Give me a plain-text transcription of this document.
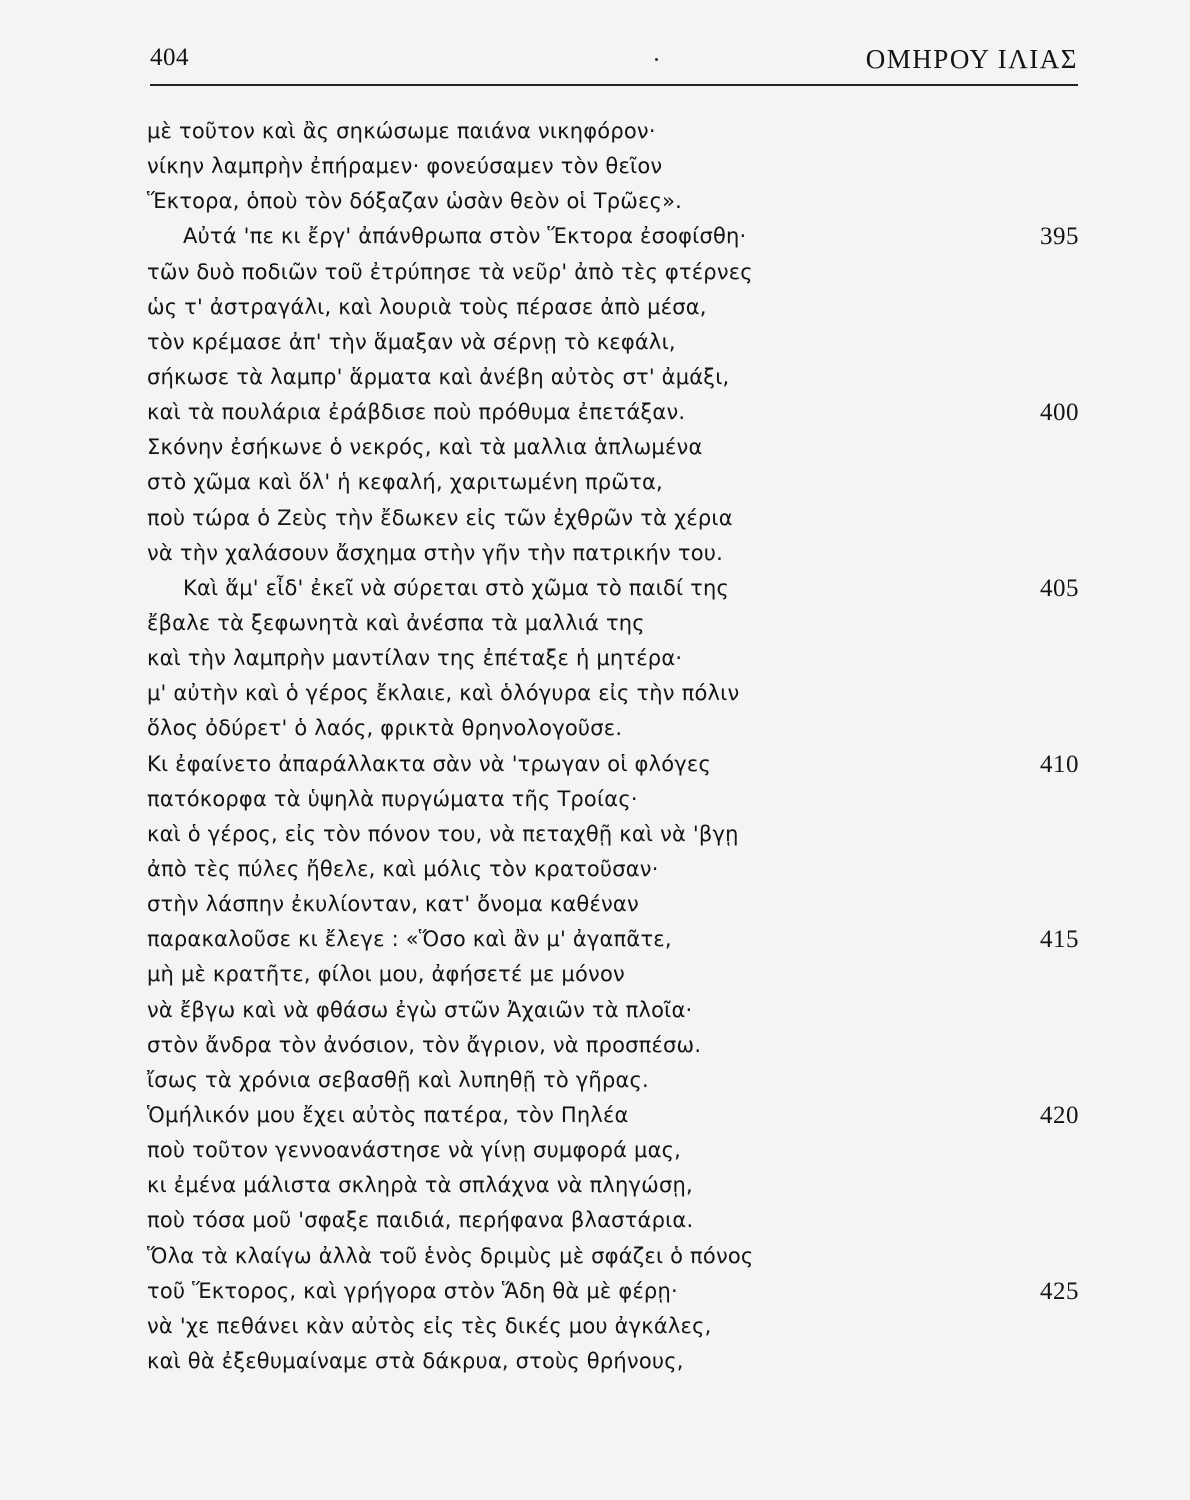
404	ΟΜΗΡΟΥ ΙΛΙΑΣ
μὲ τοῦτον καὶ ἂς σηκώσωμε παιάνα νικηφόρον·
νίκην λαμπρὴν ἐπήραμεν· φονεύσαμεν τὸν θεῖον
Ἕκτορα, ὁποὺ τὸν δόξαζαν ὡσὰν θεὸν οἱ Τρῶες».
Αὐτά 'πε κι ἔργ' ἀπάνθρωπα στὸν Ἕκτορα ἐσοφίσθη·	395
τῶν δυὸ ποδιῶν τοῦ ἐτρύπησε τὰ νεῦρ' ἀπὸ τὲς φτέρνες
ὡς τ' ἀστραγάλι, καὶ λουριὰ τοὺς πέρασε ἀπὸ μέσα,
τὸν κρέμασε ἀπ' τὴν ἅμαξαν νὰ σέρνῃ τὸ κεφάλι,
σήκωσε τὰ λαμπρ' ἅρματα καὶ ἀνέβη αὐτὸς στ' ἀμάξι,
καὶ τὰ πουλάρια ἐράβδισε ποὺ πρόθυμα ἐπετάξαν.	400
Σκόνην ἐσήκωνε ὁ νεκρός, καὶ τὰ μαλλια ἁπλωμένα
στὸ χῶμα καὶ ὅλ' ἡ κεφαλή, χαριτωμένη πρῶτα,
ποὺ τώρα ὁ Ζεὺς τὴν ἔδωκεν εἰς τῶν ἐχθρῶν τὰ χέρια
νὰ τὴν χαλάσουν ἄσχημα στὴν γῆν τὴν πατρικήν του.
Καὶ ἅμ' εἶδ' ἐκεῖ νὰ σύρεται στὸ χῶμα τὸ παιδί της	405
ἔβαλε τὰ ξεφωνητὰ καὶ ἀνέσπα τὰ μαλλιά της
καὶ τὴν λαμπρὴν μαντίλαν της ἐπέταξε ἡ μητέρα·
μ' αὐτὴν καὶ ὁ γέρος ἔκλαιε, καὶ ὁλόγυρα εἰς τὴν πόλιν
ὅλος ὀδύρετ' ὁ λαός, φρικτὰ θρηνολογοῦσε.
Κι ἐφαίνετο ἀπαράλλακτα σὰν νὰ 'τρωγαν οἱ φλόγες	410
πατόκορφα τὰ ὑψηλὰ πυργώματα τῆς Τροίας·
καὶ ὁ γέρος, εἰς τὸν πόνον του, νὰ πεταχθῇ καὶ νὰ 'βγῃ
ἀπὸ τὲς πύλες ἤθελε, καὶ μόλις τὸν κρατοῦσαν·
στὴν λάσπην ἐκυλίονταν, κατ' ὄνομα καθέναν
παρακαλοῦσε κι ἔλεγε : «Ὅσο καὶ ἂν μ' ἀγαπᾶτε,	415
μὴ μὲ κρατῆτε, φίλοι μου, ἀφήσετέ με μόνον
νὰ ἔβγω καὶ νὰ φθάσω ἐγὼ στῶν Ἀχαιῶν τὰ πλοῖα·
στὸν ἄνδρα τὸν ἀνόσιον, τὸν ἄγριον, νὰ προσπέσω.
ἴσως τὰ χρόνια σεβασθῇ καὶ λυπηθῇ τὸ γῆρας.
Ὁμήλικόν μου ἔχει αὐτὸς πατέρα, τὸν Πηλέα	420
ποὺ τοῦτον γεννοανάστησε νὰ γίνῃ συμφορά μας,
κι ἐμένα μάλιστα σκληρὰ τὰ σπλάχνα νὰ πληγώσῃ,
ποὺ τόσα μοῦ 'σφαξε παιδιά, περήφανα βλαστάρια.
Ὅλα τὰ κλαίγω ἀλλὰ τοῦ ἑνὸς δριμὺς μὲ σφάζει ὁ πόνος
τοῦ Ἕκτορος, καὶ γρήγορα στὸν Ἅδη θὰ μὲ φέρῃ·	425
νὰ 'χε πεθάνει κὰν αὐτὸς εἰς τὲς δικές μου ἀγκάλες,
καὶ θὰ ἐξεθυμαίναμε στὰ δάκρυα, στοὺς θρήνους,
